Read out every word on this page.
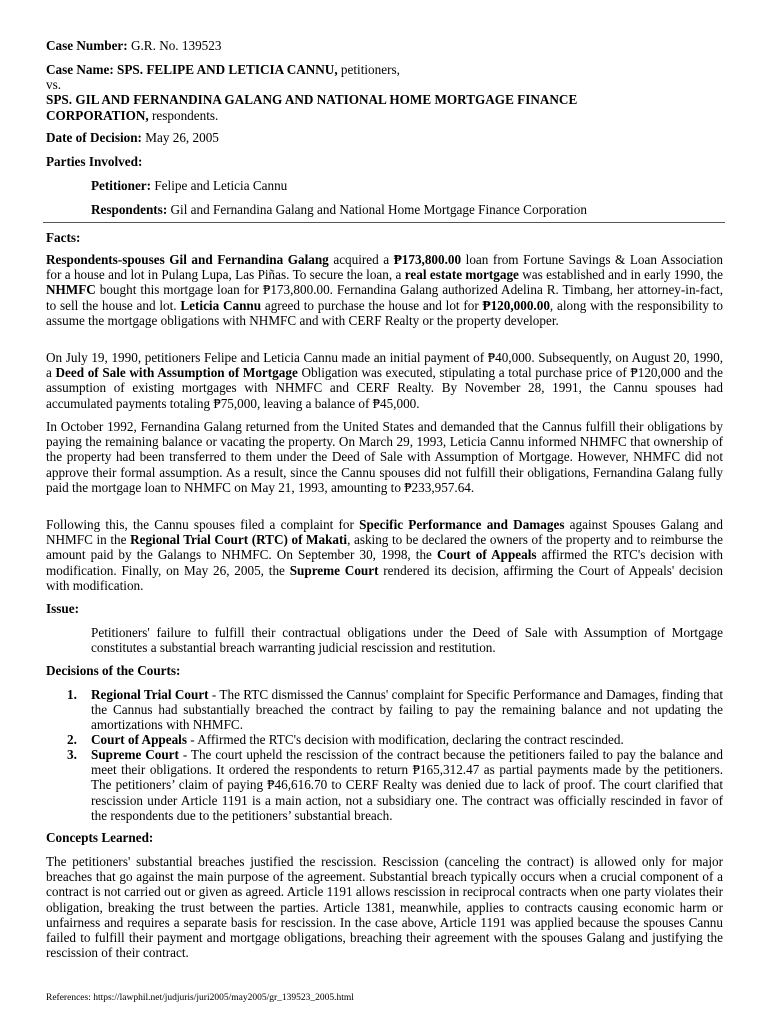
Case Number: G.R. No. 139523

Case Name: SPS. FELIPE AND LETICIA CANNU, petitioners,
vs.
SPS. GIL AND FERNANDINA GALANG AND NATIONAL HOME MORTGAGE FINANCE CORPORATION, respondents.

Date of Decision: May 26, 2005

Parties Involved:

Petitioner: Felipe and Leticia Cannu

Respondents: Gil and Fernandina Galang and National Home Mortgage Finance Corporation

Facts:

Respondents-spouses Gil and Fernandina Galang acquired a ₱173,800.00 loan from Fortune Savings & Loan Association for a house and lot in Pulang Lupa, Las Piñas. To secure the loan, a real estate mortgage was established and in early 1990, the NHMFC bought this mortgage loan for ₱173,800.00. Fernandina Galang authorized Adelina R. Timbang, her attorney-in-fact, to sell the house and lot. Leticia Cannu agreed to purchase the house and lot for ₱120,000.00, along with the responsibility to assume the mortgage obligations with NHMFC and with CERF Realty or the property developer.

On July 19, 1990, petitioners Felipe and Leticia Cannu made an initial payment of ₱40,000. Subsequently, on August 20, 1990, a Deed of Sale with Assumption of Mortgage Obligation was executed, stipulating a total purchase price of ₱120,000 and the assumption of existing mortgages with NHMFC and CERF Realty. By November 28, 1991, the Cannu spouses had accumulated payments totaling ₱75,000, leaving a balance of ₱45,000.

In October 1992, Fernandina Galang returned from the United States and demanded that the Cannus fulfill their obligations by paying the remaining balance or vacating the property. On March 29, 1993, Leticia Cannu informed NHMFC that ownership of the property had been transferred to them under the Deed of Sale with Assumption of Mortgage. However, NHMFC did not approve their formal assumption. As a result, since the Cannu spouses did not fulfill their obligations, Fernandina Galang fully paid the mortgage loan to NHMFC on May 21, 1993, amounting to ₱233,957.64.

Following this, the Cannu spouses filed a complaint for Specific Performance and Damages against Spouses Galang and NHMFC in the Regional Trial Court (RTC) of Makati, asking to be declared the owners of the property and to reimburse the amount paid by the Galangs to NHMFC. On September 30, 1998, the Court of Appeals affirmed the RTC's decision with modification. Finally, on May 26, 2005, the Supreme Court rendered its decision, affirming the Court of Appeals' decision with modification.

Issue:

Petitioners' failure to fulfill their contractual obligations under the Deed of Sale with Assumption of Mortgage constitutes a substantial breach warranting judicial rescission and restitution.

Decisions of the Courts:

1. Regional Trial Court - The RTC dismissed the Cannus' complaint for Specific Performance and Damages, finding that the Cannus had substantially breached the contract by failing to pay the remaining balance and not updating the amortizations with NHMFC.

2. Court of Appeals - Affirmed the RTC's decision with modification, declaring the contract rescinded.

3. Supreme Court - The court upheld the rescission of the contract because the petitioners failed to pay the balance and meet their obligations. It ordered the respondents to return ₱165,312.47 as partial payments made by the petitioners. The petitioners’ claim of paying ₱46,616.70 to CERF Realty was denied due to lack of proof. The court clarified that rescission under Article 1191 is a main action, not a subsidiary one. The contract was officially rescinded in favor of the respondents due to the petitioners’ substantial breach.

Concepts Learned:

The petitioners' substantial breaches justified the rescission. Rescission (canceling the contract) is allowed only for major breaches that go against the main purpose of the agreement. Substantial breach typically occurs when a crucial component of a contract is not carried out or given as agreed. Article 1191 allows rescission in reciprocal contracts when one party violates their obligation, breaking the trust between the parties. Article 1381, meanwhile, applies to contracts causing economic harm or unfairness and requires a separate basis for rescission. In the case above, Article 1191 was applied because the spouses Cannu failed to fulfill their payment and mortgage obligations, breaching their agreement with the spouses Galang and justifying the rescission of their contract.

References: https://lawphil.net/judjuris/juri2005/may2005/gr_139523_2005.html
